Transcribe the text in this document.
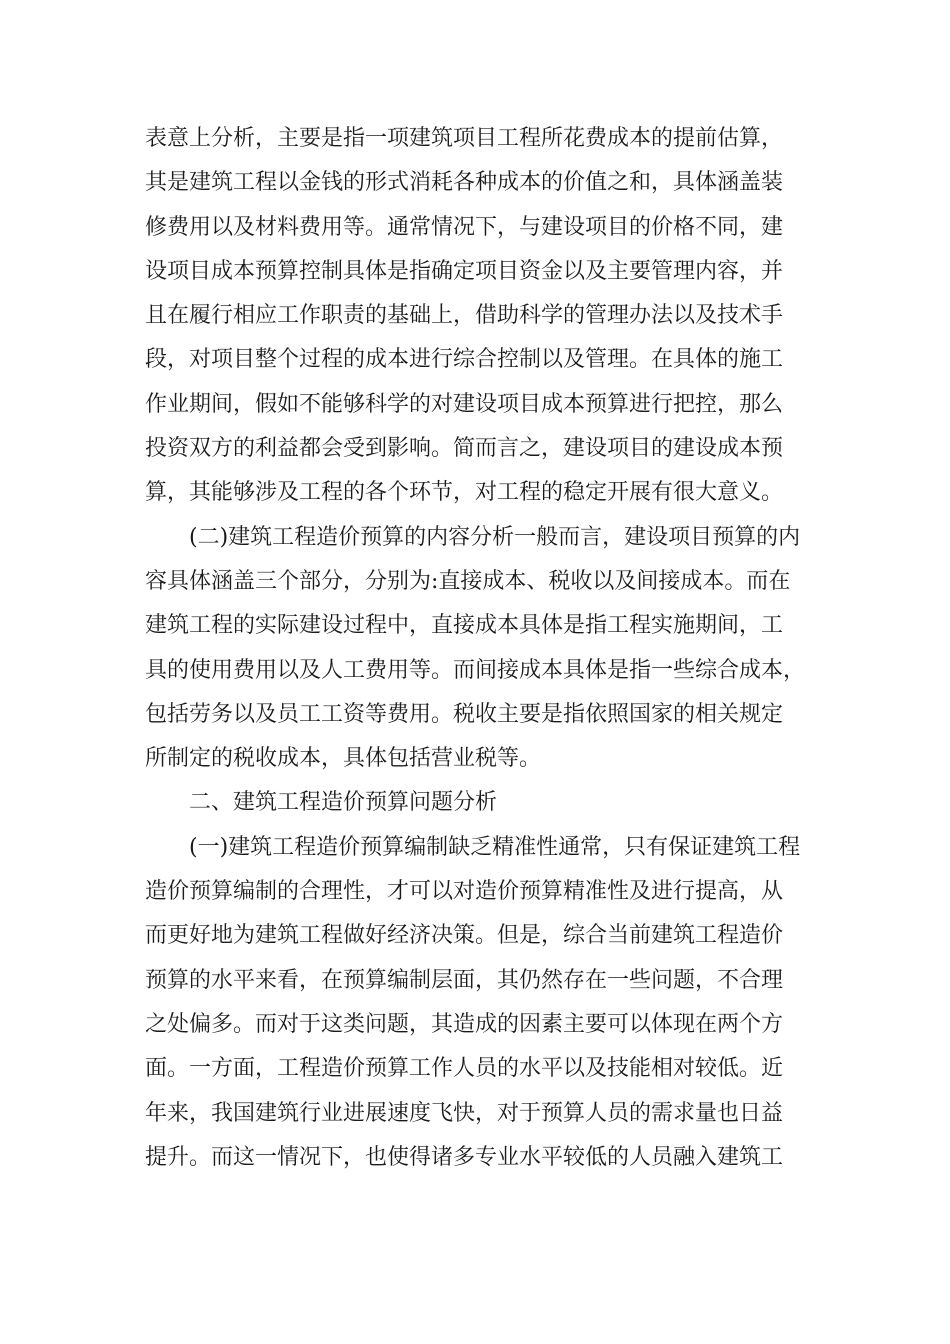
表意上分析，主要是指一项建筑项目工程所花费成本的提前估算，
其是建筑工程以金钱的形式消耗各种成本的价值之和，具体涵盖装
修费用以及材料费用等。通常情况下，与建设项目的价格不同，建
设项目成本预算控制具体是指确定项目资金以及主要管理内容，并
且在履行相应工作职责的基础上，借助科学的管理办法以及技术手
段，对项目整个过程的成本进行综合控制以及管理。在具体的施工
作业期间，假如不能够科学的对建设项目成本预算进行把控，那么
投资双方的利益都会受到影响。简而言之，建设项目的建设成本预
算，其能够涉及工程的各个环节，对工程的稳定开展有很大意义。
(二)建筑工程造价预算的内容分析一般而言，建设项目预算的内
容具体涵盖三个部分，分别为:直接成本、税收以及间接成本。而在
建筑工程的实际建设过程中，直接成本具体是指工程实施期间，工
具的使用费用以及人工费用等。而间接成本具体是指一些综合成本，
包括劳务以及员工工资等费用。税收主要是指依照国家的相关规定
所制定的税收成本，具体包括营业税等。
二、建筑工程造价预算问题分析
(一)建筑工程造价预算编制缺乏精准性通常，只有保证建筑工程
造价预算编制的合理性，才可以对造价预算精准性及进行提高，从
而更好地为建筑工程做好经济决策。但是，综合当前建筑工程造价
预算的水平来看，在预算编制层面，其仍然存在一些问题，不合理
之处偏多。而对于这类问题，其造成的因素主要可以体现在两个方
面。一方面，工程造价预算工作人员的水平以及技能相对较低。近
年来，我国建筑行业进展速度飞快，对于预算人员的需求量也日益
提升。而这一情况下，也使得诸多专业水平较低的人员融入建筑工
